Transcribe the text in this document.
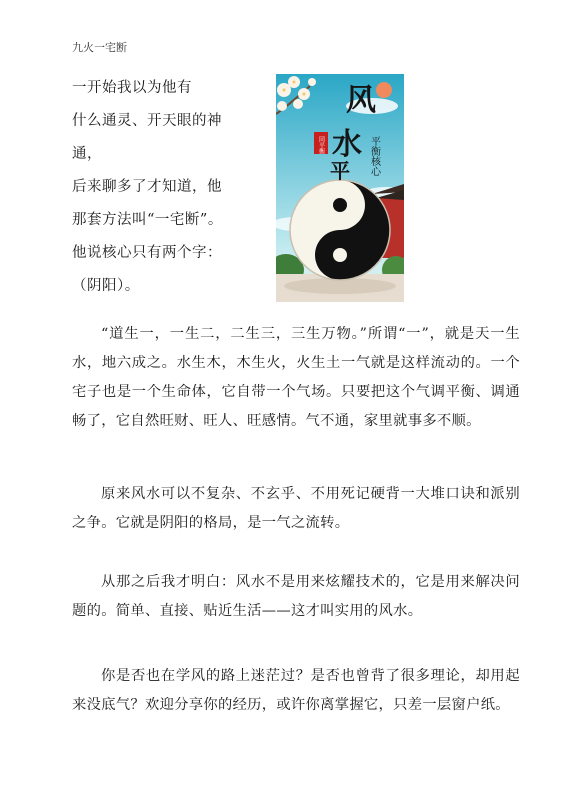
九火一宅断
一开始我以为他有
什么通灵、开天眼的神
通，
后来聊多了才知道，他
那套方法叫“一宅断”。
他说核心只有两个字：
（阴阳）。
风
水
平 平衡核心
同平衡
“道生一，一生二，二生三，三生万物。”所谓“一”，就是天一生水，地六成之。水生木，木生火，火生土一气就是这样流动的。一个宅子也是一个生命体，它自带一个气场。只要把这个气调平衡、调通畅了，它自然旺财、旺人、旺感情。气不通，家里就事多不顺。
原来风水可以不复杂、不玄乎、不用死记硬背一大堆口诀和派别之争。它就是阴阳的格局，是一气之流转。
从那之后我才明白：风水不是用来炫耀技术的，它是用来解决问题的。简单、直接、贴近生活——这才叫实用的风水。
你是否也在学风的路上迷茫过？是否也曾背了很多理论，却用起来没底气？欢迎分享你的经历，或许你离掌握它，只差一层窗户纸。
